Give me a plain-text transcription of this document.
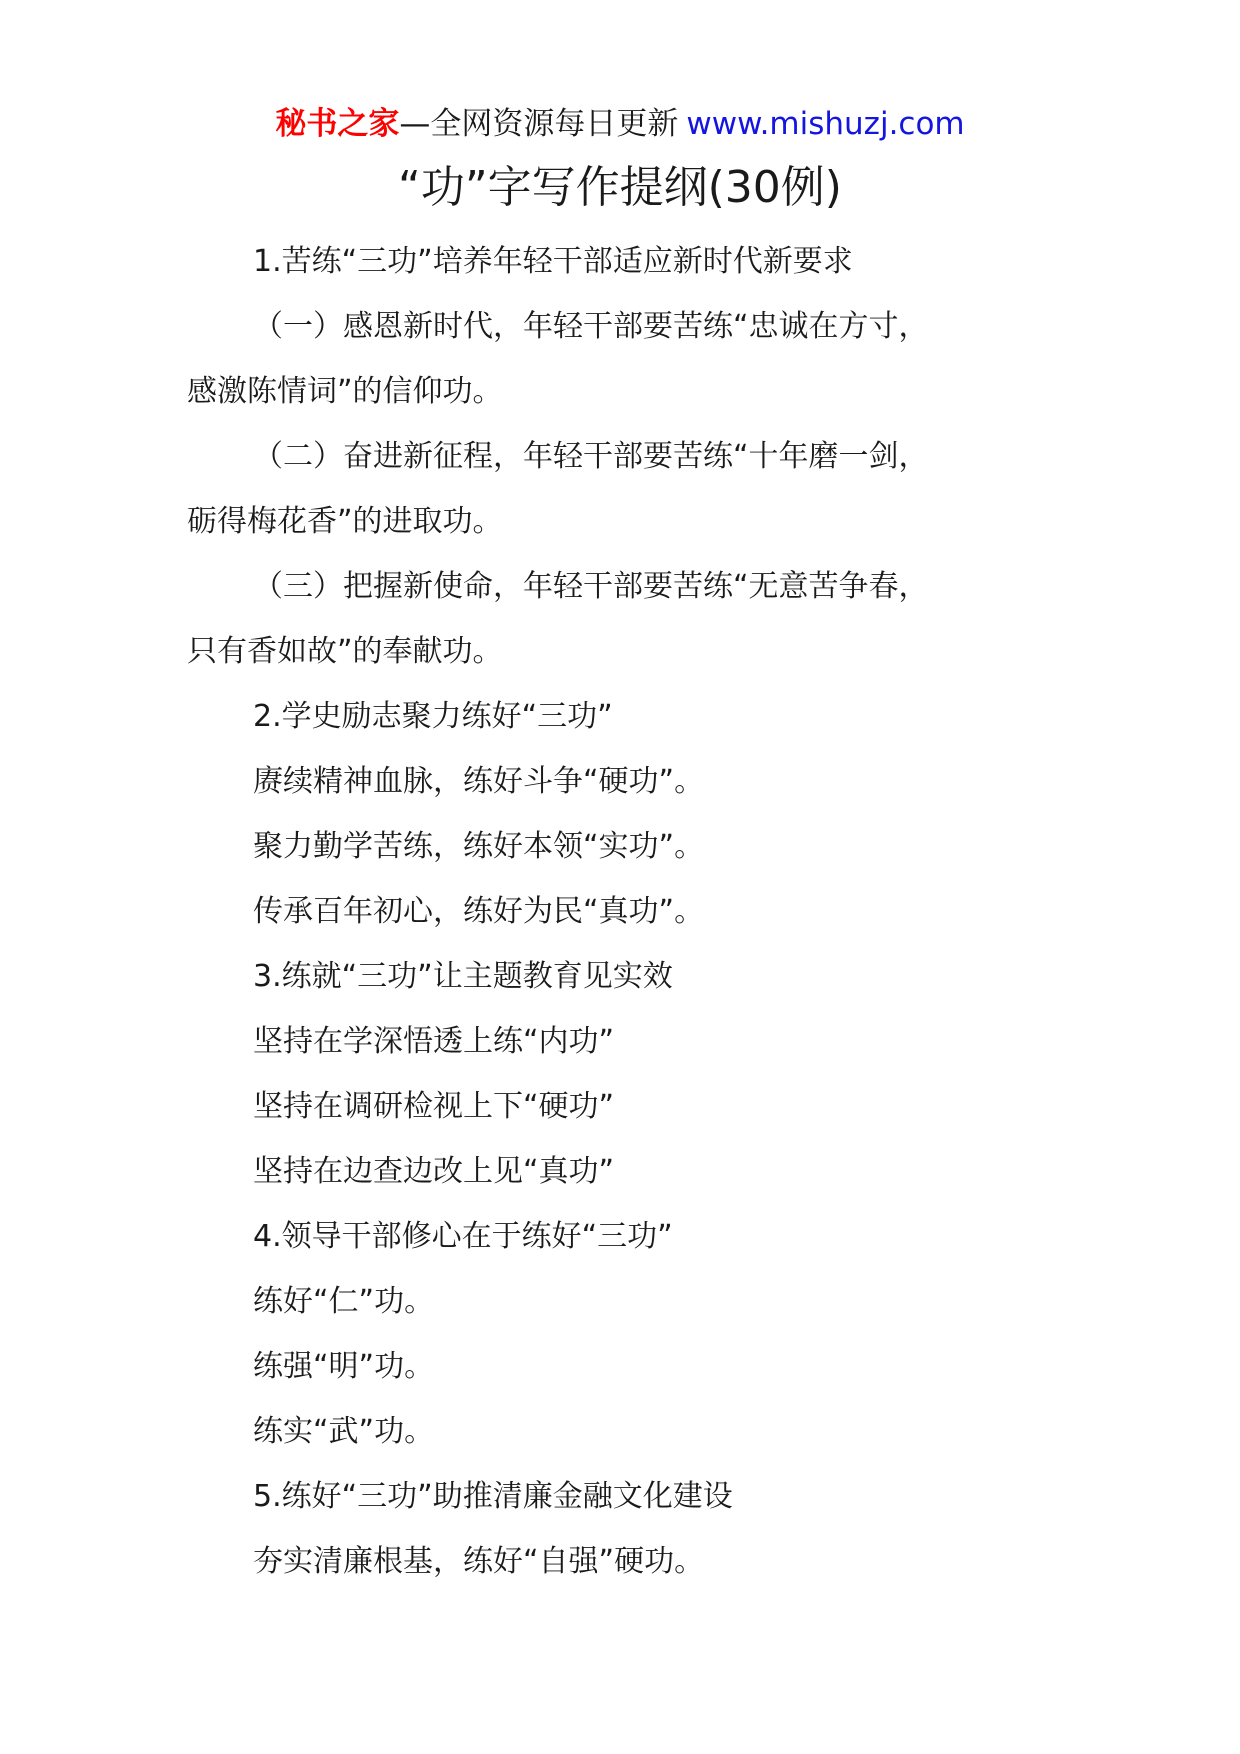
秘书之家—全网资源每日更新 www.mishuzj.com
“功”字写作提纲(30例)

1.苦练“三功”培养年轻干部适应新时代新要求

（一）感恩新时代，年轻干部要苦练“忠诚在方寸，
感激陈情词”的信仰功。

（二）奋进新征程，年轻干部要苦练“十年磨一剑，
砺得梅花香”的进取功。

（三）把握新使命，年轻干部要苦练“无意苦争春，
只有香如故”的奉献功。

2.学史励志聚力练好“三功”

赓续精神血脉，练好斗争“硬功”。

聚力勤学苦练，练好本领“实功”。

传承百年初心，练好为民“真功”。

3.练就“三功”让主题教育见实效

坚持在学深悟透上练“内功”

坚持在调研检视上下“硬功”

坚持在边查边改上见“真功”

4.领导干部修心在于练好“三功”

练好“仁”功。

练强“明”功。

练实“武”功。

5.练好“三功”助推清廉金融文化建设

夯实清廉根基，练好“自强”硬功。
